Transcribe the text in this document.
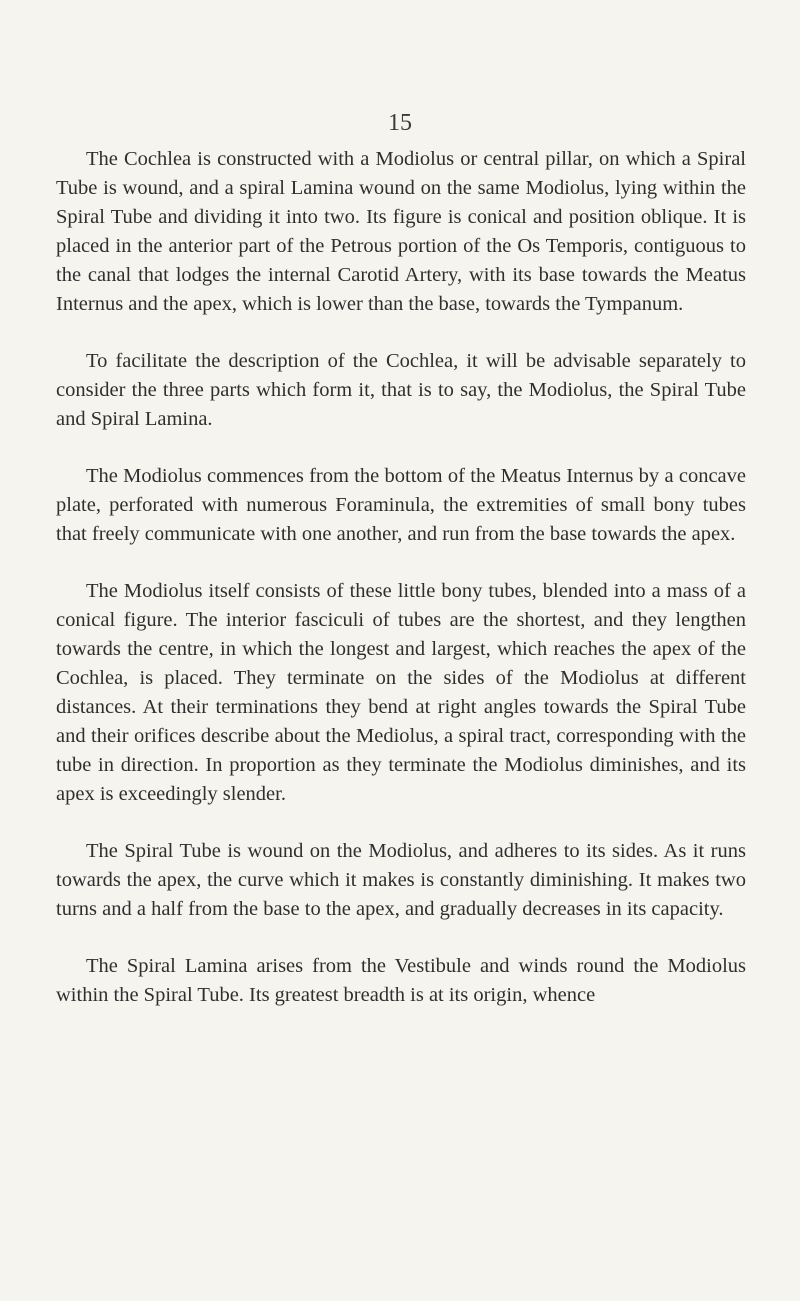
15

The Cochlea is constructed with a Modiolus or central pillar, on which a Spiral Tube is wound, and a spiral Lamina wound on the same Modiolus, lying within the Spiral Tube and dividing it into two. Its figure is conical and position oblique. It is placed in the anterior part of the Petrous portion of the Os Temporis, contiguous to the canal that lodges the internal Carotid Artery, with its base towards the Meatus Internus and the apex, which is lower than the base, towards the Tympanum.

To facilitate the description of the Cochlea, it will be advisable separately to consider the three parts which form it, that is to say, the Modiolus, the Spiral Tube and Spiral Lamina.

The Modiolus commences from the bottom of the Meatus Internus by a concave plate, perforated with numerous Foraminula, the extremities of small bony tubes that freely communicate with one another, and run from the base towards the apex.

The Modiolus itself consists of these little bony tubes, blended into a mass of a conical figure. The interior fasciculi of tubes are the shortest, and they lengthen towards the centre, in which the longest and largest, which reaches the apex of the Cochlea, is placed. They terminate on the sides of the Modiolus at different distances. At their terminations they bend at right angles towards the Spiral Tube and their orifices describe about the Mediolus, a spiral tract, corresponding with the tube in direction. In proportion as they terminate the Modiolus diminishes, and its apex is exceedingly slender.

The Spiral Tube is wound on the Modiolus, and adheres to its sides. As it runs towards the apex, the curve which it makes is constantly diminishing. It makes two turns and a half from the base to the apex, and gradually decreases in its capacity.

The Spiral Lamina arises from the Vestibule and winds round the Modiolus within the Spiral Tube. Its greatest breadth is at its origin, whence
